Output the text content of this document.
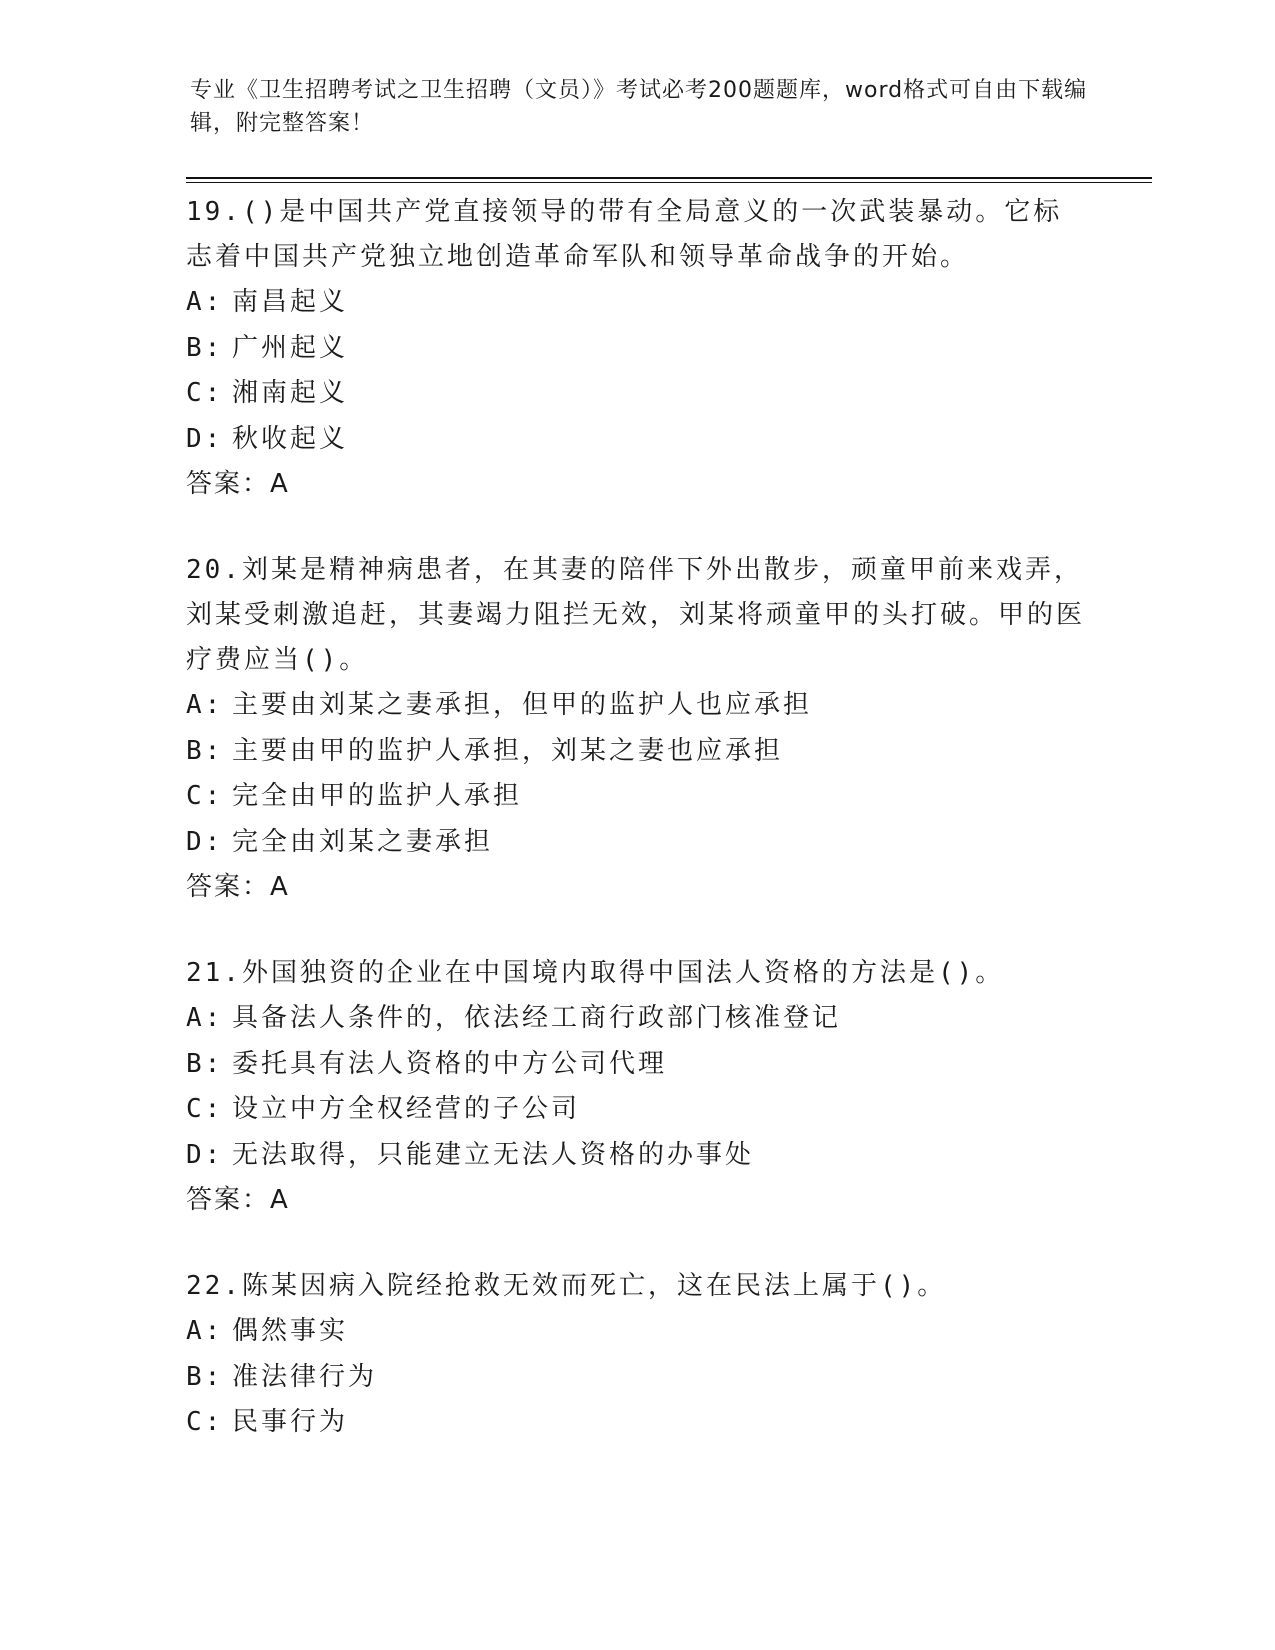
专业《卫生招聘考试之卫生招聘（文员）》考试必考200题题库，word格式可自由下载编辑，附完整答案！
19.()是中国共产党直接领导的带有全局意义的一次武装暴动。它标志着中国共产党独立地创造革命军队和领导革命战争的开始。
A: 南昌起义
B: 广州起义
C: 湘南起义
D: 秋收起义
答案：A
20.刘某是精神病患者，在其妻的陪伴下外出散步，顽童甲前来戏弄，刘某受刺激追赶，其妻竭力阻拦无效，刘某将顽童甲的头打破。甲的医疗费应当()。
A: 主要由刘某之妻承担，但甲的监护人也应承担
B: 主要由甲的监护人承担，刘某之妻也应承担
C: 完全由甲的监护人承担
D: 完全由刘某之妻承担
答案：A
21.外国独资的企业在中国境内取得中国法人资格的方法是()。
A: 具备法人条件的，依法经工商行政部门核准登记
B: 委托具有法人资格的中方公司代理
C: 设立中方全权经营的子公司
D: 无法取得，只能建立无法人资格的办事处
答案：A
22.陈某因病入院经抢救无效而死亡，这在民法上属于()。
A: 偶然事实
B: 准法律行为
C: 民事行为
